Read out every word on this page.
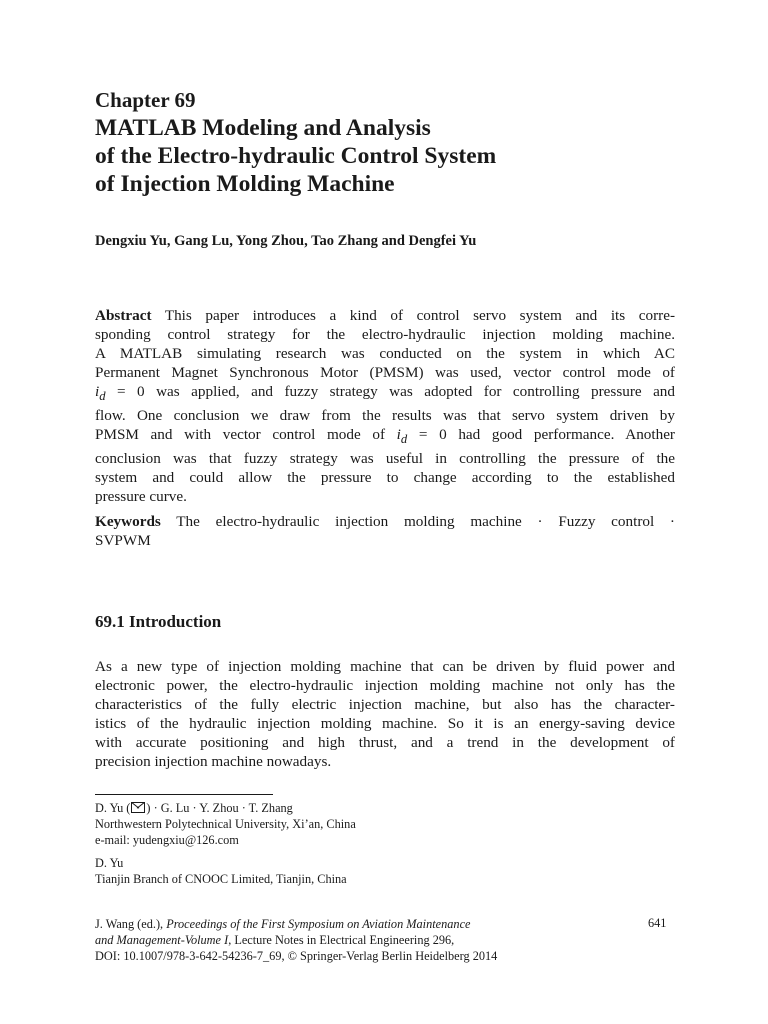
Chapter 69
MATLAB Modeling and Analysis
of the Electro-hydraulic Control System
of Injection Molding Machine
Dengxiu Yu, Gang Lu, Yong Zhou, Tao Zhang and Dengfei Yu
Abstract This paper introduces a kind of control servo system and its corre-
sponding control strategy for the electro-hydraulic injection molding machine.
A MATLAB simulating research was conducted on the system in which AC
Permanent Magnet Synchronous Motor (PMSM) was used, vector control mode of
$i_d = 0$ was applied, and fuzzy strategy was adopted for controlling pressure and
flow. One conclusion we draw from the results was that servo system driven by
PMSM and with vector control mode of $i_d = 0$ had good performance. Another
conclusion was that fuzzy strategy was useful in controlling the pressure of the
system and could allow the pressure to change according to the established
pressure curve.
Keywords The electro-hydraulic injection molding machine · Fuzzy control ·
SVPWM
69.1 Introduction
As a new type of injection molding machine that can be driven by fluid power and
electronic power, the electro-hydraulic injection molding machine not only has the
characteristics of the fully electric injection machine, but also has the character-
istics of the hydraulic injection molding machine. So it is an energy-saving device
with accurate positioning and high thrust, and a trend in the development of
precision injection machine nowadays.
D. Yu ( ) · G. Lu · Y. Zhou · T. Zhang
Northwestern Polytechnical University, Xi’an, China
e-mail: yudengxiu@126.com
D. Yu
Tianjin Branch of CNOOC Limited, Tianjin, China
J. Wang (ed.), Proceedings of the First Symposium on Aviation Maintenance
and Management-Volume I, Lecture Notes in Electrical Engineering 296,
DOI: 10.1007/978-3-642-54236-7_69, © Springer-Verlag Berlin Heidelberg 2014
641
